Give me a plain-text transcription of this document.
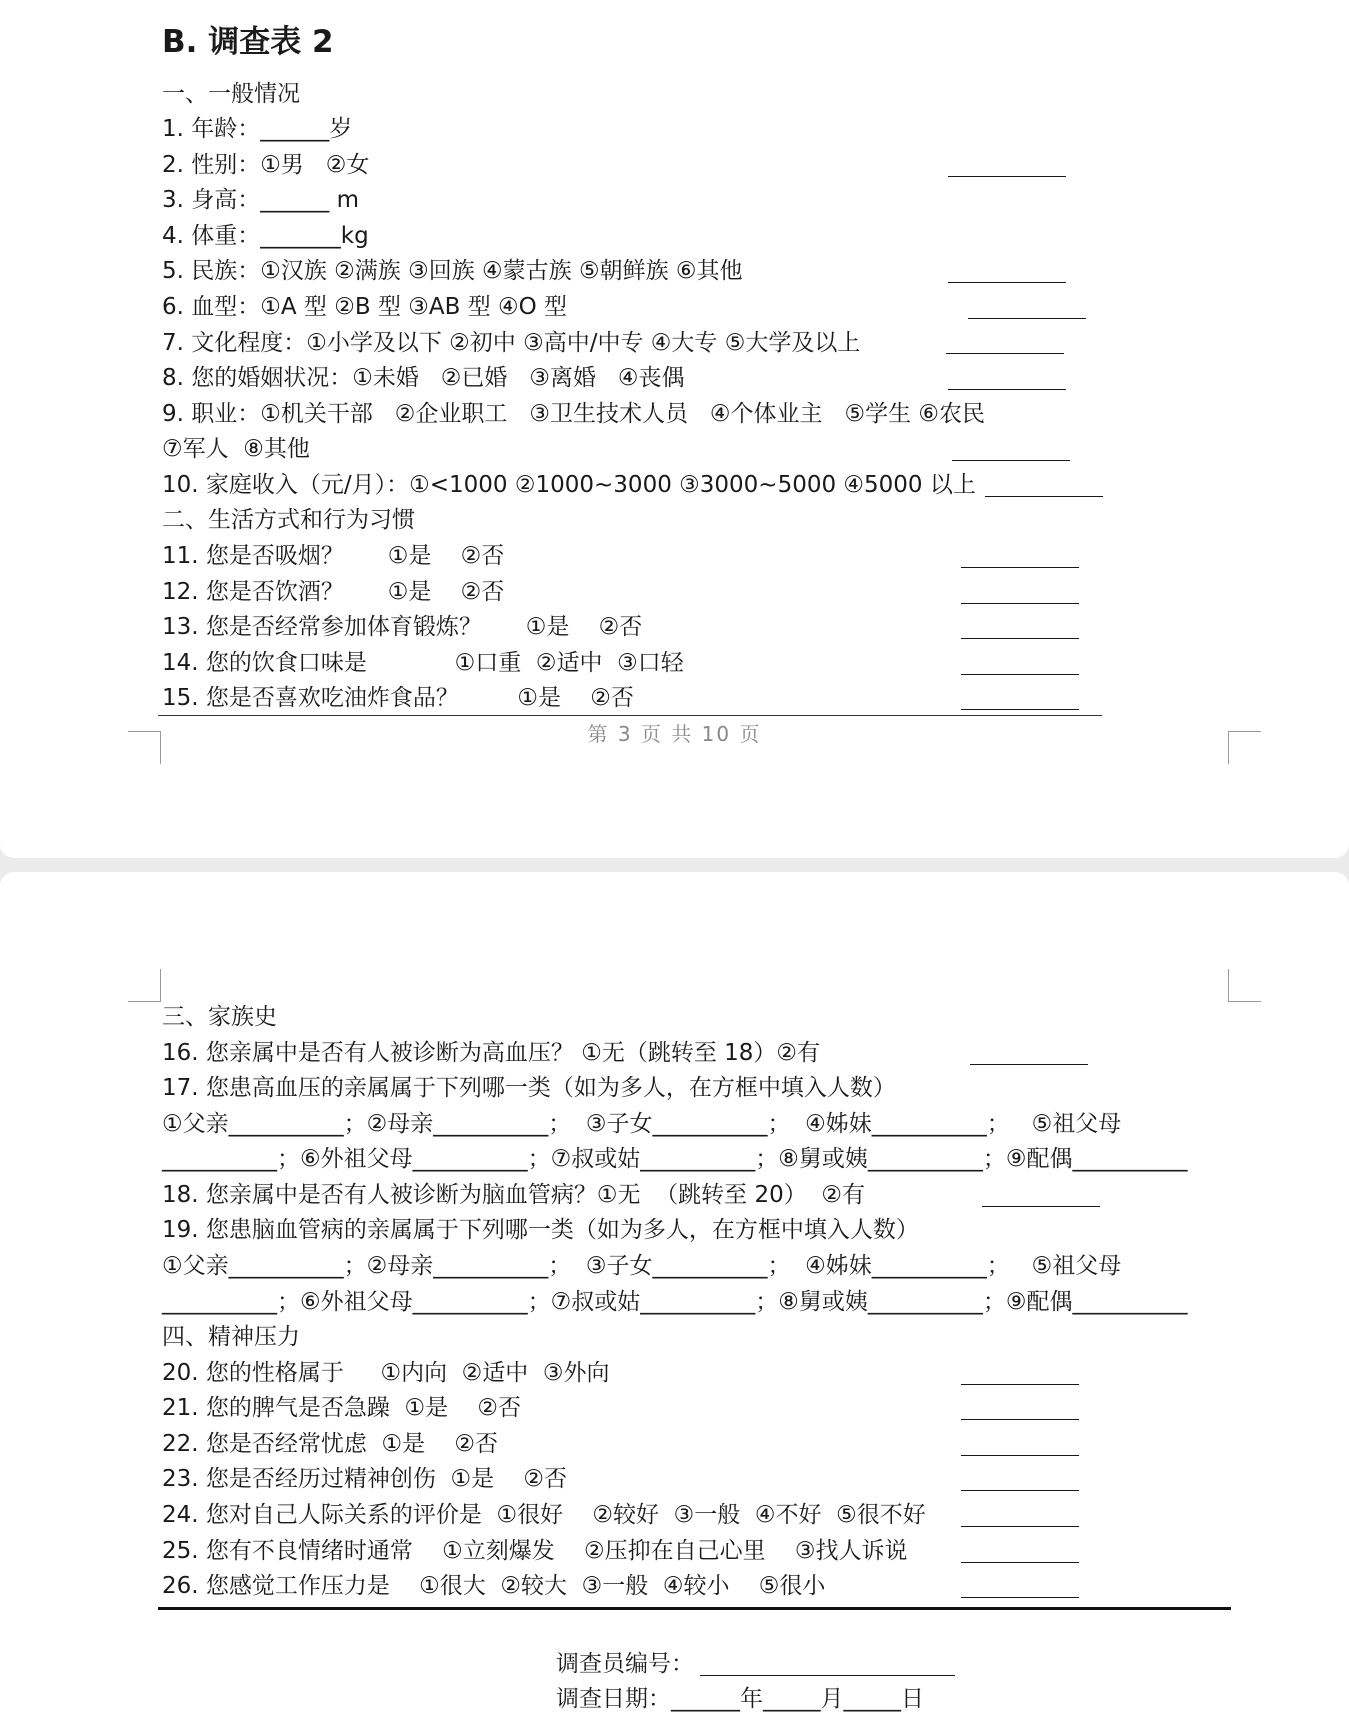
B. 调查表 2
一、一般情况
1. 年龄：______岁
2. 性别：①男   ②女
3. 身高：______ m
4. 体重：_______kg
5. 民族：①汉族 ②满族 ③回族 ④蒙古族 ⑤朝鲜族 ⑥其他
6. 血型：①A 型 ②B 型 ③AB 型 ④O 型
7. 文化程度：①小学及以下 ②初中 ③高中/中专 ④大专 ⑤大学及以上
8. 您的婚姻状况：①未婚   ②已婚   ③离婚   ④丧偶
9. 职业：①机关干部   ②企业职工   ③卫生技术人员   ④个体业主   ⑤学生 ⑥农民
⑦军人  ⑧其他
10. 家庭收入（元/月）：①<1000 ②1000~3000 ③3000~5000 ④5000 以上
二、生活方式和行为习惯
11. 您是否吸烟？      ①是    ②否
12. 您是否饮酒？      ①是    ②否
13. 您是否经常参加体育锻炼？      ①是    ②否
14. 您的饮食口味是            ①口重  ②适中  ③口轻
15. 您是否喜欢吃油炸食品？        ①是    ②否
第 3 页 共 10 页
三、家族史
16. 您亲属中是否有人被诊断为高血压？ ①无（跳转至 18）②有
17. 您患高血压的亲属属于下列哪一类（如为多人，在方框中填入人数）
①父亲__________；②母亲__________；  ③子女__________；  ④姊妹__________；   ⑤祖父母
__________；⑥外祖父母__________；⑦叔或姑__________；⑧舅或姨__________；⑨配偶__________
18. 您亲属中是否有人被诊断为脑血管病？①无  （跳转至 20）  ②有
19. 您患脑血管病的亲属属于下列哪一类（如为多人，在方框中填入人数）
①父亲__________；②母亲__________；  ③子女__________；  ④姊妹__________；   ⑤祖父母
__________；⑥外祖父母__________；⑦叔或姑__________；⑧舅或姨__________；⑨配偶__________
四、精神压力
20. 您的性格属于     ①内向  ②适中  ③外向
21. 您的脾气是否急躁  ①是    ②否
22. 您是否经常忧虑  ①是    ②否
23. 您是否经历过精神创伤  ①是    ②否
24. 您对自己人际关系的评价是  ①很好    ②较好  ③一般  ④不好  ⑤很不好
25. 您有不良情绪时通常    ①立刻爆发    ②压抑在自己心里    ③找人诉说
26. 您感觉工作压力是    ①很大  ②较大  ③一般  ④较小    ⑤很小
调查员编号：
调查日期：______年_____月_____日
